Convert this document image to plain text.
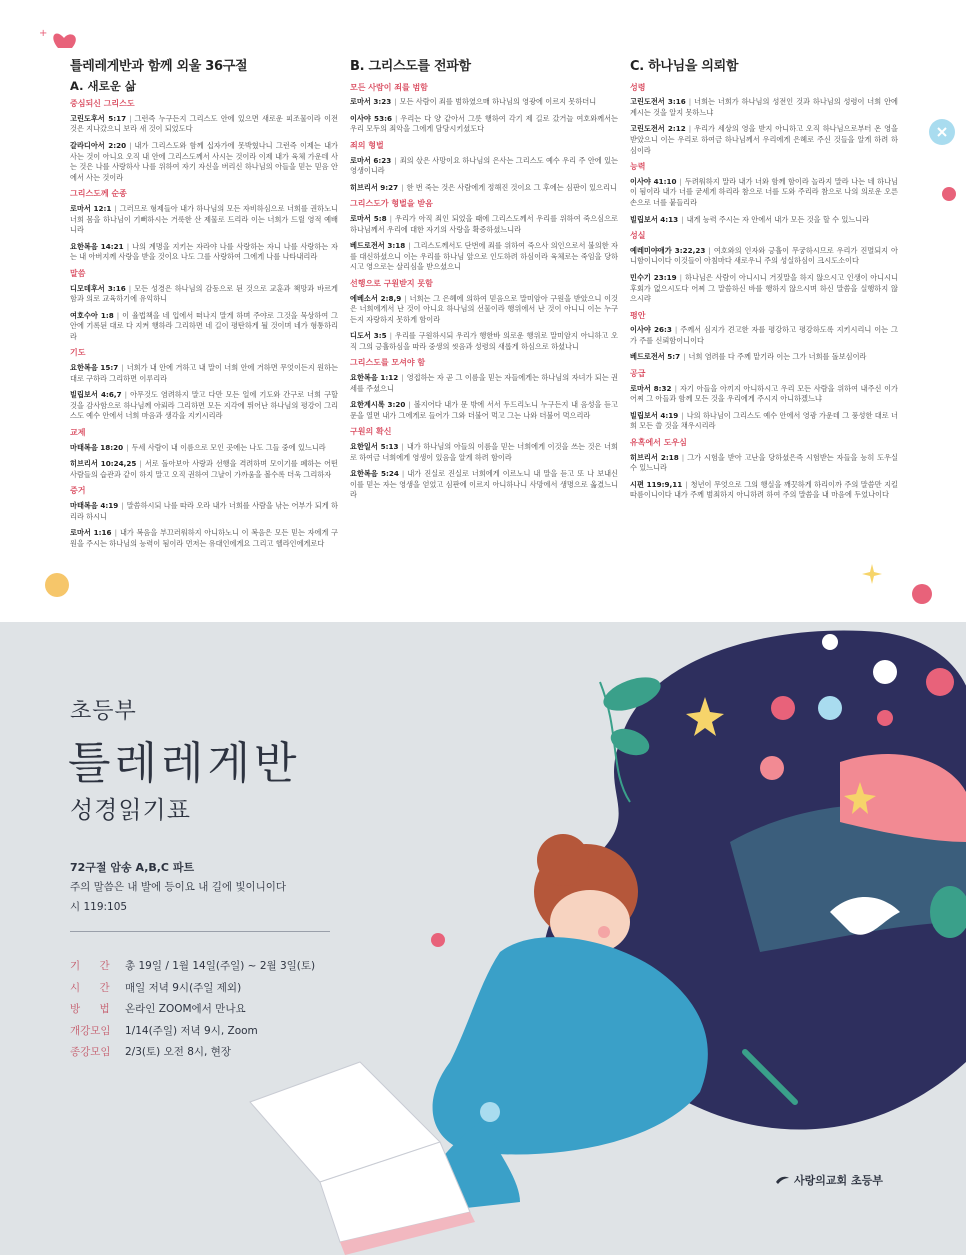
+
틀레레게반과 함께 외울 36구절
A. 새로운 삶
중심되신 그리스도
고린도후서 5:17 | 그런즉 누구든지 그리스도 안에 있으면 새로운 피조물이라 이전 것은 지나갔으니 보라 새 것이 되었도다
갈라디아서 2:20 | 내가 그리스도와 함께 십자가에 못박혔나니 그런즉 이제는 내가 사는 것이 아니요 오직 내 안에 그리스도께서 사시는 것이라 이제 내가 육체 가운데 사는 것은 나를 사랑하사 나를 위하여 자기 자신을 버리신 하나님의 아들을 믿는 믿음 안에서 사는 것이라
그리스도께 순종
로마서 12:1 | 그러므로 형제들아 내가 하나님의 모든 자비하심으로 너희를 권하노니 너희 몸을 하나님이 기뻐하시는 거룩한 산 제물로 드리라 이는 너희가 드릴 영적 예배니라
요한복음 14:21 | 나의 계명을 지키는 자라야 나를 사랑하는 자니 나를 사랑하는 자는 내 아버지께 사랑을 받을 것이요 나도 그를 사랑하여 그에게 나를 나타내리라
말씀
디모데후서 3:16 | 모든 성경은 하나님의 감동으로 된 것으로 교훈과 책망과 바르게 함과 의로 교육하기에 유익하니
여호수아 1:8 | 이 율법책을 네 입에서 떠나지 말게 하며 주야로 그것을 묵상하여 그 안에 기록된 대로 다 지켜 행하라 그리하면 네 길이 평탄하게 될 것이며 네가 형통하리라
기도
요한복음 15:7 | 너희가 내 안에 거하고 내 말이 너희 안에 거하면 무엇이든지 원하는 대로 구하라 그리하면 이루리라
빌립보서 4:6,7 | 아무것도 염려하지 말고 다만 모든 일에 기도와 간구로 너희 구할 것을 감사함으로 하나님께 아뢰라 그리하면 모든 지각에 뛰어난 하나님의 평강이 그리스도 예수 안에서 너희 마음과 생각을 지키시리라
교제
마태복음 18:20 | 두세 사람이 내 이름으로 모인 곳에는 나도 그들 중에 있느니라
히브리서 10:24,25 | 서로 돌아보아 사랑과 선행을 격려하며 모이기를 폐하는 어떤 사람들의 습관과 같이 하지 말고 오직 권하여 그날이 가까움을 볼수록 더욱 그리하자
증거
마태복음 4:19 | 말씀하시되 나를 따라 오라 내가 너희를 사람을 낚는 어부가 되게 하리라 하시니
로마서 1:16 | 내가 복음을 부끄러워하지 아니하노니 이 복음은 모든 믿는 자에게 구원을 주시는 하나님의 능력이 됨이라 먼저는 유대인에게요 그리고 헬라인에게로다
B. 그리스도를 전파함
모든 사람이 죄를 범함
로마서 3:23 | 모든 사람이 죄를 범하였으매 하나님의 영광에 이르지 못하더니
이사야 53:6 | 우리는 다 양 같아서 그릇 행하여 각기 제 길로 갔거늘 여호와께서는 우리 모두의 죄악을 그에게 담당시키셨도다
죄의 형벌
로마서 6:23 | 죄의 삯은 사망이요 하나님의 은사는 그리스도 예수 우리 주 안에 있는 영생이니라
히브리서 9:27 | 한 번 죽는 것은 사람에게 정해진 것이요 그 후에는 심판이 있으리니
그리스도가 형벌을 받음
로마서 5:8 | 우리가 아직 죄인 되었을 때에 그리스도께서 우리를 위하여 죽으심으로 하나님께서 우리에 대한 자기의 사랑을 확증하셨느니라
베드로전서 3:18 | 그리스도께서도 단번에 죄를 위하여 죽으사 의인으로서 불의한 자를 대신하셨으니 이는 우리를 하나님 앞으로 인도하려 하심이라 육체로는 죽임을 당하시고 영으로는 살리심을 받으셨으니
선행으로 구원받지 못함
에베소서 2:8,9 | 너희는 그 은혜에 의하여 믿음으로 말미암아 구원을 받았으니 이것은 너희에게서 난 것이 아니요 하나님의 선물이라 행위에서 난 것이 아니니 이는 누구든지 자랑하지 못하게 함이라
디도서 3:5 | 우리를 구원하시되 우리가 행한바 의로운 행위로 말미암지 아니하고 오직 그의 긍휼하심을 따라 중생의 씻음과 성령의 새롭게 하심으로 하셨나니
그리스도를 모셔야 함
요한복음 1:12 | 영접하는 자 곧 그 이름을 믿는 자들에게는 하나님의 자녀가 되는 권세를 주셨으니
요한계시록 3:20 | 볼지어다 내가 문 밖에 서서 두드리노니 누구든지 내 음성을 듣고 문을 열면 내가 그에게로 들어가 그와 더불어 먹고 그는 나와 더불어 먹으리라
구원의 확신
요한일서 5:13 | 내가 하나님의 아들의 이름을 믿는 너희에게 이것을 쓰는 것은 너희로 하여금 너희에게 영생이 있음을 알게 하려 함이라
요한복음 5:24 | 내가 진실로 진실로 너희에게 이르노니 내 말을 듣고 또 나 보내신 이를 믿는 자는 영생을 얻었고 심판에 이르지 아니하나니 사망에서 생명으로 옮겼느니라
C. 하나님을 의뢰함
성령
고린도전서 3:16 | 너희는 너희가 하나님의 성전인 것과 하나님의 성령이 너희 안에 계시는 것을 알지 못하느냐
고린도전서 2:12 | 우리가 세상의 영을 받지 아니하고 오직 하나님으로부터 온 영을 받았으니 이는 우리로 하여금 하나님께서 우리에게 은혜로 주신 것들을 알게 하려 하심이라
능력
이사야 41:10 | 두려워하지 말라 내가 너와 함께 함이라 놀라지 말라 나는 네 하나님이 됨이라 내가 너를 굳세게 하리라 참으로 너를 도와 주리라 참으로 나의 의로운 오른손으로 너를 붙들리라
빌립보서 4:13 | 내게 능력 주시는 자 안에서 내가 모든 것을 할 수 있느니라
성실
예레미야애가 3:22,23 | 여호와의 인자와 긍휼이 무궁하시므로 우리가 진멸되지 아니함이니이다 이것들이 아침마다 새로우니 주의 성실하심이 크시도소이다
민수기 23:19 | 하나님은 사람이 아니시니 거짓말을 하지 않으시고 인생이 아니시니 후회가 없으시도다 어찌 그 말씀하신 바를 행하지 않으시며 하신 말씀을 실행하지 않으시랴
평안
이사야 26:3 | 주께서 심지가 견고한 자를 평강하고 평강하도록 지키시리니 이는 그가 주를 신뢰함이니이다
베드로전서 5:7 | 너희 염려를 다 주께 맡기라 이는 그가 너희를 돌보심이라
공급
로마서 8:32 | 자기 아들을 아끼지 아니하시고 우리 모든 사람을 위하여 내주신 이가 어찌 그 아들과 함께 모든 것을 우리에게 주시지 아니하겠느냐
빌립보서 4:19 | 나의 하나님이 그리스도 예수 안에서 영광 가운데 그 풍성한 대로 너희 모든 쓸 것을 채우시리라
유혹에서 도우심
히브리서 2:18 | 그가 시험을 받아 고난을 당하셨은즉 시험받는 자들을 능히 도우실 수 있느니라
시편 119:9,11 | 청년이 무엇으로 그의 행실을 깨끗하게 하리이까 주의 말씀만 지킬 따름이니이다 내가 주께 범죄하지 아니하려 하여 주의 말씀을 내 마음에 두었나이다
초등부
틀레레게반
성경읽기표
72구절 암송 A,B,C 파트
주의 말씀은 내 발에 등이요 내 길에 빛이니이다
시 119:105
기 간 총 19일 / 1월 14일(주일) ~ 2월 3일(토)
시 간 매일 저녁 9시(주일 제외)
방 법 온라인 ZOOM에서 만나요
개강모임	1/14(주일) 저녁 9시, Zoom
종강모임	2/3(토) 오전 8시, 현장
사랑의교회 초등부
